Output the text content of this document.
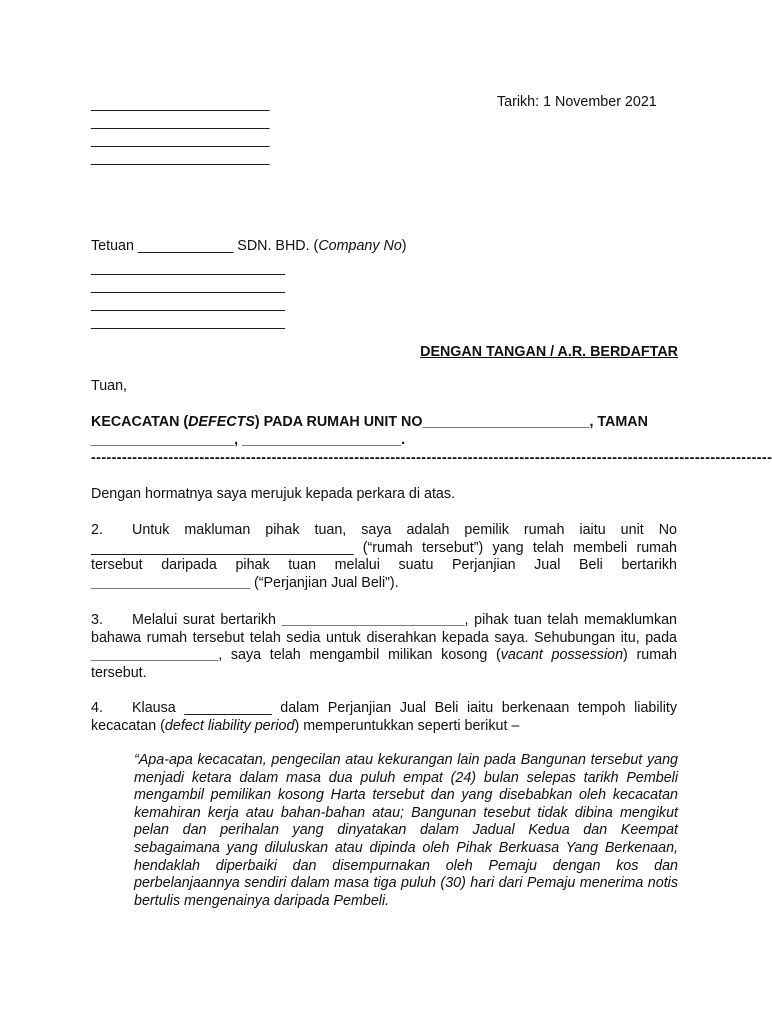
_______________________
_______________________
_______________________
_______________________
Tarikh: 1 November 2021
Tetuan ____________ SDN. BHD. (Company No)
_________________________
_________________________
_________________________
_________________________
DENGAN TANGAN / A.R. BERDAFTAR
Tuan,
KECACATAN (DEFECTS) PADA RUMAH UNIT NO_____________________, TAMAN
__________________, ____________________.
------------------------------------------------------------------------------------------------------------------------------------
Dengan hormatnya saya merujuk kepada perkara di atas.
2. Untuk makluman pihak tuan, saya adalah pemilik rumah iaitu unit No _________________________________ (“rumah tersebut”) yang telah membeli rumah tersebut daripada pihak tuan melalui suatu Perjanjian Jual Beli bertarikh ____________________ (“Perjanjian Jual Beli”).
3. Melalui surat bertarikh _______________________, pihak tuan telah memaklumkan bahawa rumah tersebut telah sedia untuk diserahkan kepada saya. Sehubungan itu, pada ________________, saya telah mengambil milikan kosong (vacant possession) rumah tersebut.
4. Klausa ___________ dalam Perjanjian Jual Beli iaitu berkenaan tempoh liability kecacatan (defect liability period) memperuntukkan seperti berikut –
“Apa-apa kecacatan, pengecilan atau kekurangan lain pada Bangunan tersebut yang menjadi ketara dalam masa dua puluh empat (24) bulan selepas tarikh Pembeli mengambil pemilikan kosong Harta tersebut dan yang disebabkan oleh kecacatan kemahiran kerja atau bahan-bahan atau; Bangunan tesebut tidak dibina mengikut pelan dan perihalan yang dinyatakan dalam Jadual Kedua dan Keempat sebagaimana yang diluluskan atau dipinda oleh Pihak Berkuasa Yang Berkenaan, hendaklah diperbaiki dan disempurnakan oleh Pemaju dengan kos dan perbelanjaannya sendiri dalam masa tiga puluh (30) hari dari Pemaju menerima notis bertulis mengenainya daripada Pembeli.
